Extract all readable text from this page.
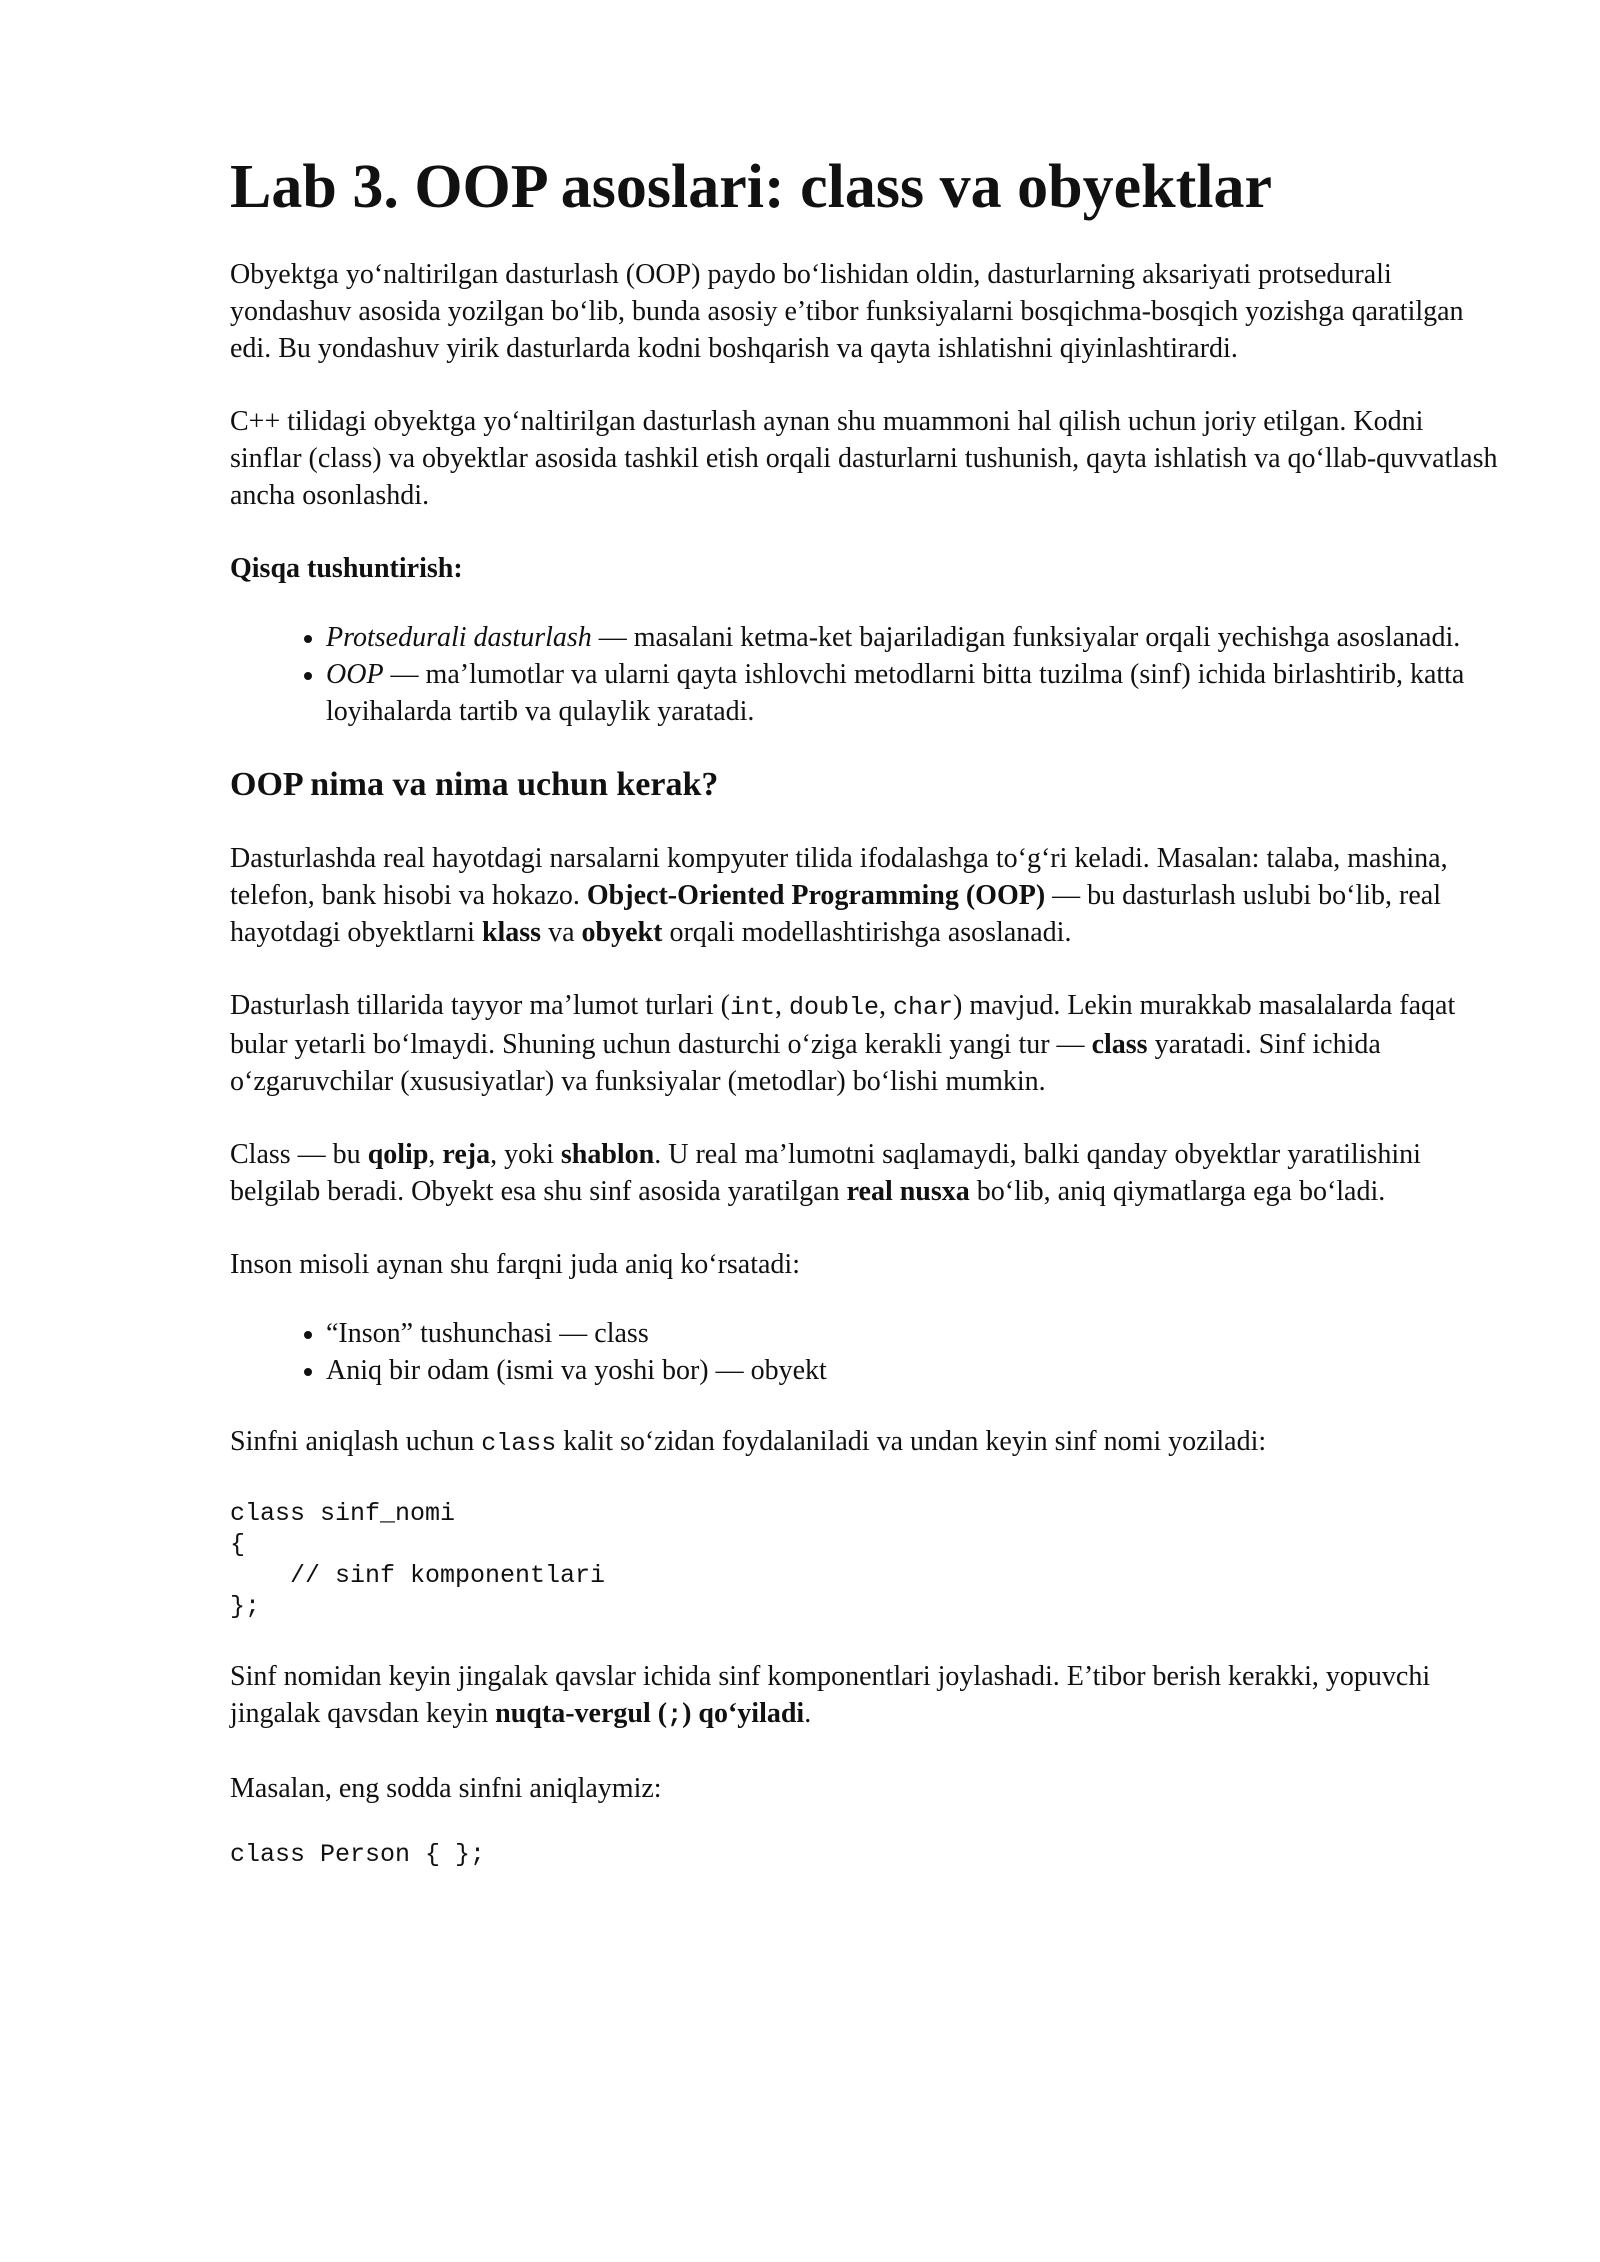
Lab 3. OOP asoslari: class va obyektlar

Obyektga yo‘naltirilgan dasturlash (OOP) paydo bo‘lishidan oldin, dasturlarning aksariyati protsedurali yondashuv asosida yozilgan bo‘lib, bunda asosiy e’tibor funksiyalarni bosqichma-bosqich yozishga qaratilgan edi. Bu yondashuv yirik dasturlarda kodni boshqarish va qayta ishlatishni qiyinlashtirardi.

C++ tilidagi obyektga yo‘naltirilgan dasturlash aynan shu muammoni hal qilish uchun joriy etilgan. Kodni sinflar (class) va obyektlar asosida tashkil etish orqali dasturlarni tushunish, qayta ishlatish va qo‘llab-quvvatlash ancha osonlashdi.

Qisqa tushuntirish:

• Protsedurali dasturlash — masalani ketma-ket bajariladigan funksiyalar orqali yechishga asoslanadi.
• OOP — ma’lumotlar va ularni qayta ishlovchi metodlarni bitta tuzilma (sinf) ichida birlashtirib, katta loyihalarda tartib va qulaylik yaratadi.
OOP nima va nima uchun kerak?

Dasturlashda real hayotdagi narsalarni kompyuter tilida ifodalashga to‘g‘ri keladi. Masalan: talaba, mashina, telefon, bank hisobi va hokazo. Object-Oriented Programming (OOP) — bu dasturlash uslubi bo‘lib, real hayotdagi obyektlarni klass va obyekt orqali modellashtirishga asoslanadi.

Dasturlash tillarida tayyor ma’lumot turlari (int, double, char) mavjud. Lekin murakkab masalalarda faqat bular yetarli bo‘lmaydi. Shuning uchun dasturchi o‘ziga kerakli yangi tur — class yaratadi. Sinf ichida o‘zgaruvchilar (xususiyatlar) va funksiyalar (metodlar) bo‘lishi mumkin.

Class — bu qolip, reja, yoki shablon. U real ma’lumotni saqlamaydi, balki qanday obyektlar yaratilishini belgilab beradi. Obyekt esa shu sinf asosida yaratilgan real nusxa bo‘lib, aniq qiymatlarga ega bo‘ladi.

Inson misoli aynan shu farqni juda aniq ko‘rsatadi:

• “Inson” tushunchasi — class
• Aniq bir odam (ismi va yoshi bor) — obyekt

Sinfni aniqlash uchun class kalit so‘zidan foydalaniladi va undan keyin sinf nomi yoziladi:

class sinf_nomi
{
// sinf komponentlari
};

Sinf nomidan keyin jingalak qavslar ichida sinf komponentlari joylashadi. E’tibor berish kerakki, yopuvchi jingalak qavsdan keyin nuqta-vergul (;) qo‘yiladi.

Masalan, eng sodda sinfni aniqlaymiz:

class Person { };
